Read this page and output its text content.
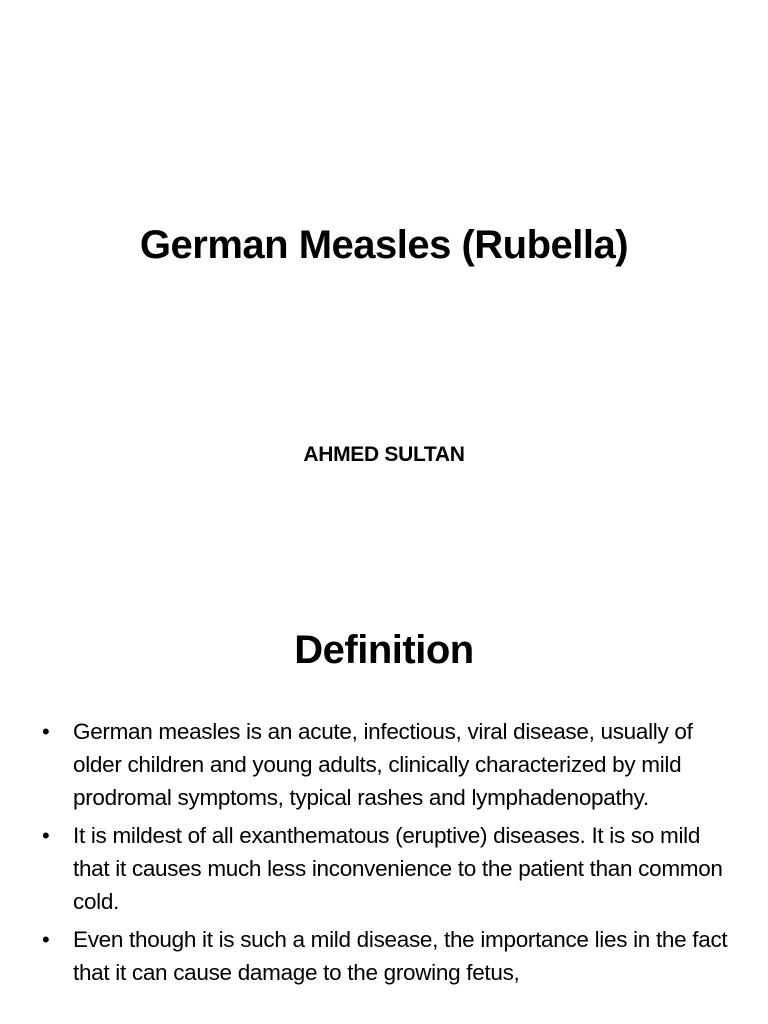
German Measles (Rubella)
AHMED SULTAN
Definition
•	German measles is an acute, infectious, viral disease, usually of older children and young adults, clinically characterized by mild prodromal symptoms, typical rashes and lymphadenopathy.
•	It is mildest of all exanthematous (eruptive) diseases. It is so mild that it causes much less inconvenience to the patient than common cold.
•	Even though it is such a mild disease, the importance lies in the fact that it can cause damage to the growing fetus,
